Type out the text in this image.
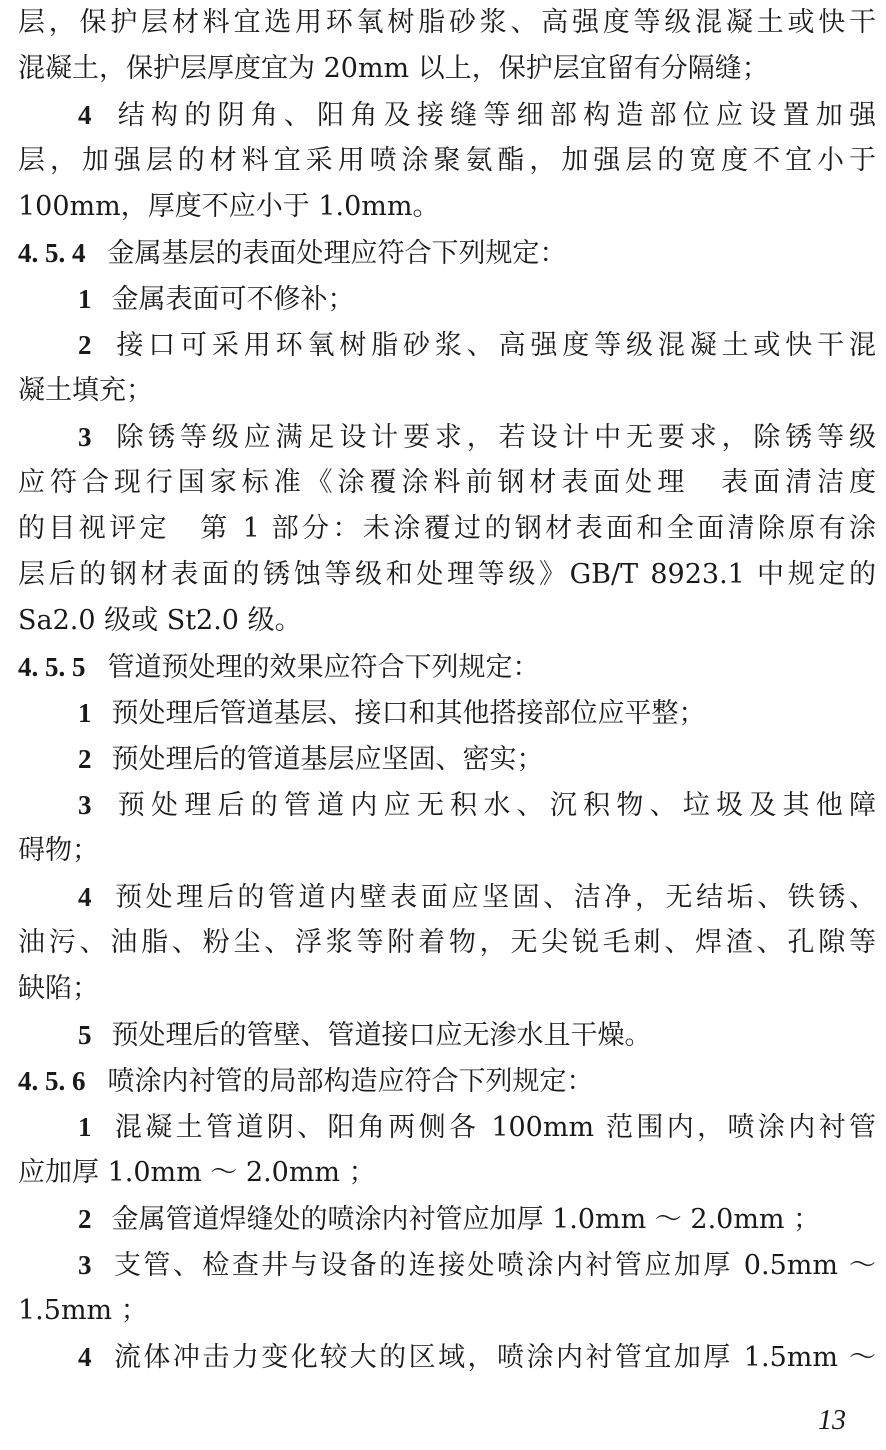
层，保护层材料宜选用环氧树脂砂浆、高强度等级混凝土或快干
混凝土，保护层厚度宜为 20mm 以上，保护层宜留有分隔缝；
4 结构的阴角、阳角及接缝等细部构造部位应设置加强
层，加强层的材料宜采用喷涂聚氨酯，加强层的宽度不宜小于
100mm，厚度不应小于 1.0mm。
4. 5. 4 金属基层的表面处理应符合下列规定：
1 金属表面可不修补；
2 接口可采用环氧树脂砂浆、高强度等级混凝土或快干混
凝土填充；
3 除锈等级应满足设计要求，若设计中无要求，除锈等级
应符合现行国家标准《涂覆涂料前钢材表面处理　表面清洁度
的目视评定　第 1 部分：未涂覆过的钢材表面和全面清除原有涂
层后的钢材表面的锈蚀等级和处理等级》GB/T 8923.1 中规定的
Sa2.0 级或 St2.0 级。
4. 5. 5 管道预处理的效果应符合下列规定：
1 预处理后管道基层、接口和其他搭接部位应平整；
2 预处理后的管道基层应坚固、密实；
3 预处理后的管道内应无积水、沉积物、垃圾及其他障
碍物；
4 预处理后的管道内壁表面应坚固、洁净，无结垢、铁锈、
油污、油脂、粉尘、浮浆等附着物，无尖锐毛刺、焊渣、孔隙等
缺陷；
5 预处理后的管壁、管道接口应无渗水且干燥。
4. 5. 6 喷涂内衬管的局部构造应符合下列规定：
1 混凝土管道阴、阳角两侧各 100mm 范围内，喷涂内衬管
应加厚 1.0mm ～ 2.0mm ；
2 金属管道焊缝处的喷涂内衬管应加厚 1.0mm ～ 2.0mm ；
3 支管、检查井与设备的连接处喷涂内衬管应加厚 0.5mm ～
1.5mm ；
4 流体冲击力变化较大的区域，喷涂内衬管宜加厚 1.5mm ～
13
